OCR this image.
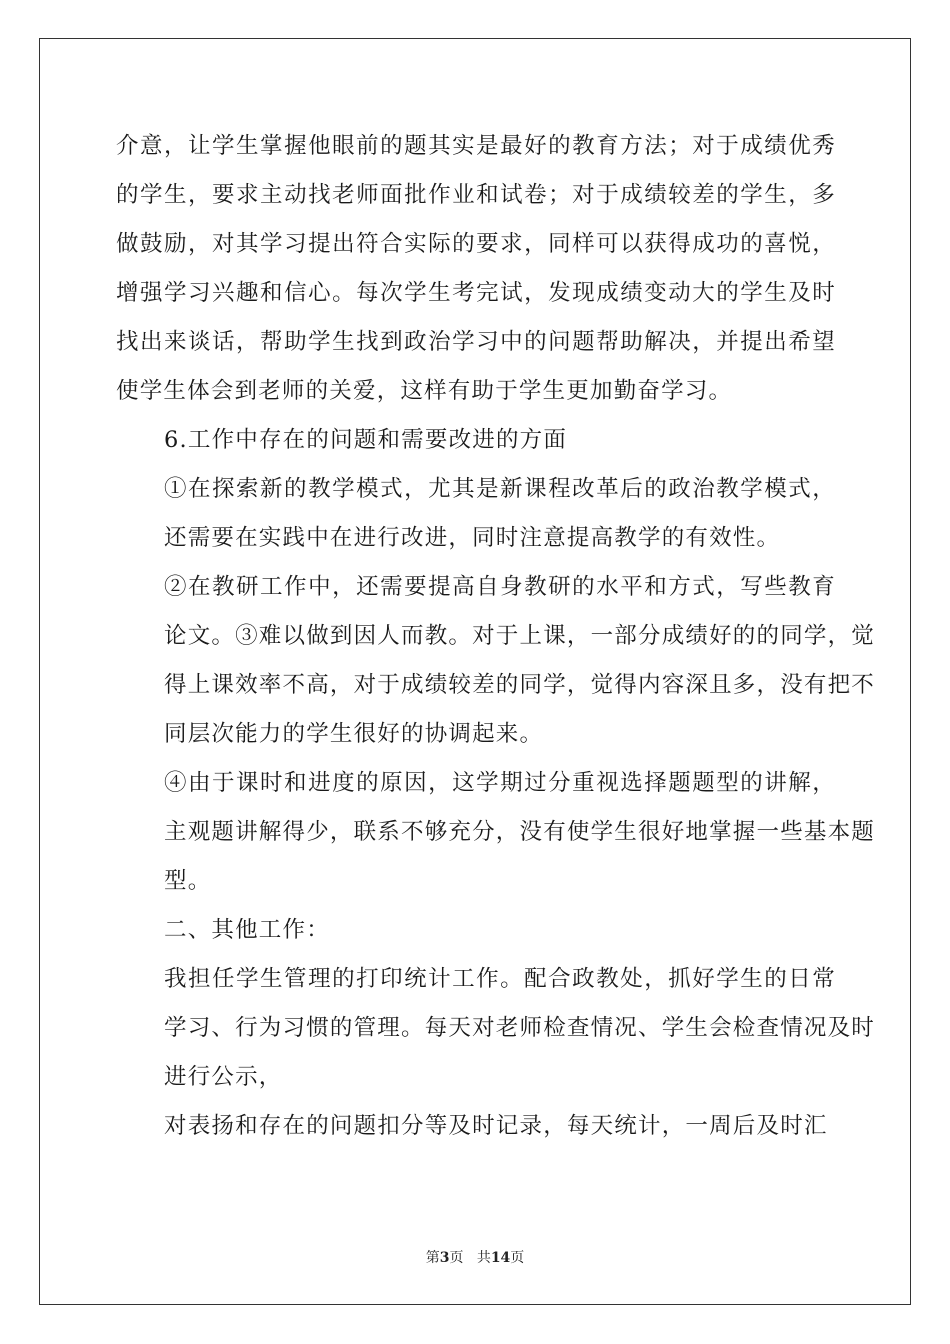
介意，让学生掌握他眼前的题其实是最好的教育方法；对于成绩优秀
的学生，要求主动找老师面批作业和试卷；对于成绩较差的学生，多
做鼓励，对其学习提出符合实际的要求，同样可以获得成功的喜悦，
增强学习兴趣和信心。每次学生考完试，发现成绩变动大的学生及时
找出来谈话，帮助学生找到政治学习中的问题帮助解决，并提出希望
使学生体会到老师的关爱，这样有助于学生更加勤奋学习。

6.工作中存在的问题和需要改进的方面

①在探索新的教学模式，尤其是新课程改革后的政治教学模式，
还需要在实践中在进行改进，同时注意提高教学的有效性。

②在教研工作中，还需要提高自身教研的水平和方式，写些教育
论文。③难以做到因人而教。对于上课，一部分成绩好的的同学，觉
得上课效率不高，对于成绩较差的同学，觉得内容深且多，没有把不
同层次能力的学生很好的协调起来。

④由于课时和进度的原因，这学期过分重视选择题题型的讲解，
主观题讲解得少，联系不够充分，没有使学生很好地掌握一些基本题
型。

二、其他工作：

我担任学生管理的打印统计工作。配合政教处，抓好学生的日常
学习、行为习惯的管理。每天对老师检查情况、学生会检查情况及时
进行公示，

对表扬和存在的问题扣分等及时记录，每天统计，一周后及时汇

第3页 共14页
